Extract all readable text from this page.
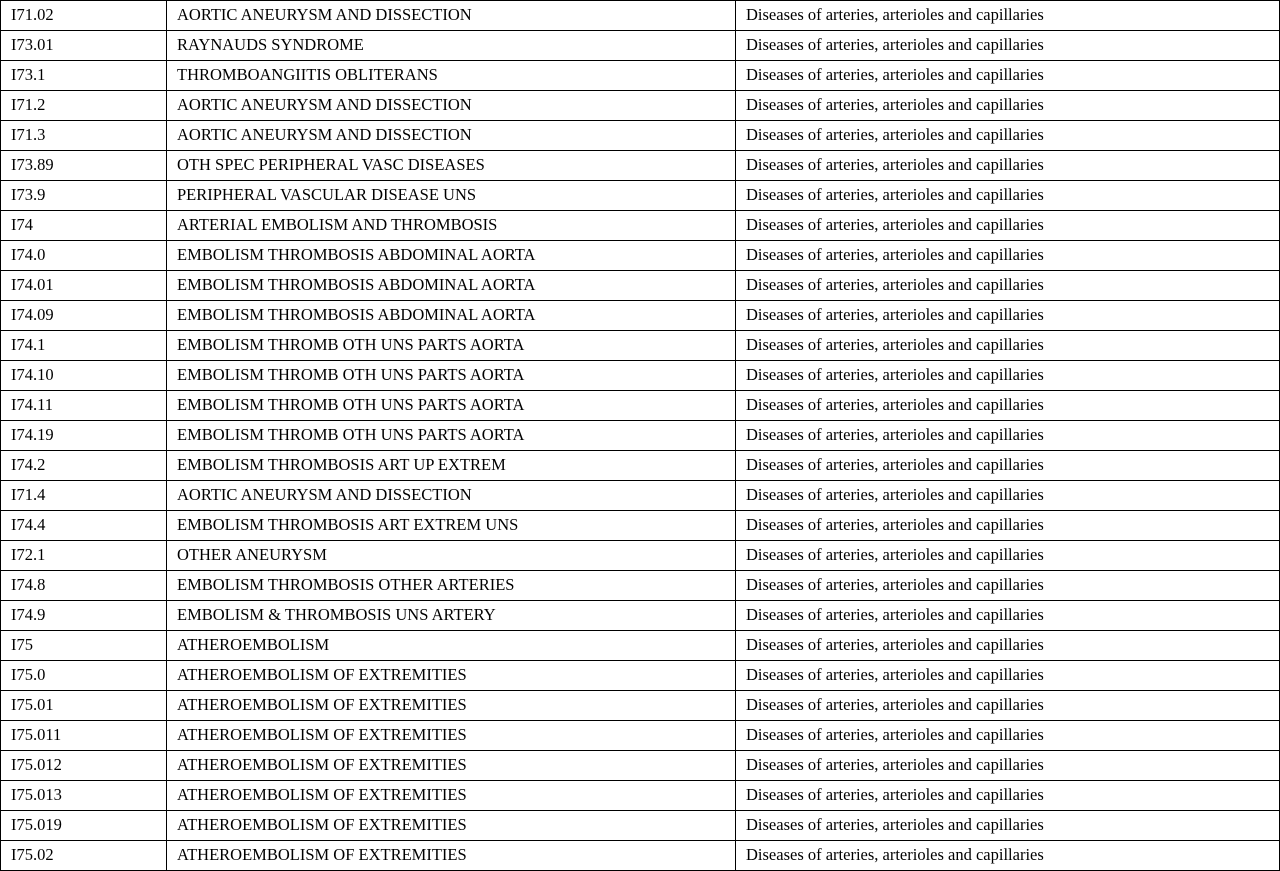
I71.02	AORTIC ANEURYSM AND DISSECTION	Diseases of arteries, arterioles and capillaries
I73.01	RAYNAUDS SYNDROME	Diseases of arteries, arterioles and capillaries
I73.1	THROMBOANGIITIS OBLITERANS	Diseases of arteries, arterioles and capillaries
I71.2	AORTIC ANEURYSM AND DISSECTION	Diseases of arteries, arterioles and capillaries
I71.3	AORTIC ANEURYSM AND DISSECTION	Diseases of arteries, arterioles and capillaries
I73.89	OTH SPEC PERIPHERAL VASC DISEASES	Diseases of arteries, arterioles and capillaries
I73.9	PERIPHERAL VASCULAR DISEASE UNS	Diseases of arteries, arterioles and capillaries
I74	ARTERIAL EMBOLISM AND THROMBOSIS	Diseases of arteries, arterioles and capillaries
I74.0	EMBOLISM THROMBOSIS ABDOMINAL AORTA	Diseases of arteries, arterioles and capillaries
I74.01	EMBOLISM THROMBOSIS ABDOMINAL AORTA	Diseases of arteries, arterioles and capillaries
I74.09	EMBOLISM THROMBOSIS ABDOMINAL AORTA	Diseases of arteries, arterioles and capillaries
I74.1	EMBOLISM THROMB OTH UNS PARTS AORTA	Diseases of arteries, arterioles and capillaries
I74.10	EMBOLISM THROMB OTH UNS PARTS AORTA	Diseases of arteries, arterioles and capillaries
I74.11	EMBOLISM THROMB OTH UNS PARTS AORTA	Diseases of arteries, arterioles and capillaries
I74.19	EMBOLISM THROMB OTH UNS PARTS AORTA	Diseases of arteries, arterioles and capillaries
I74.2	EMBOLISM THROMBOSIS ART UP EXTREM	Diseases of arteries, arterioles and capillaries
I71.4	AORTIC ANEURYSM AND DISSECTION	Diseases of arteries, arterioles and capillaries
I74.4	EMBOLISM THROMBOSIS ART EXTREM UNS	Diseases of arteries, arterioles and capillaries
I72.1	OTHER ANEURYSM	Diseases of arteries, arterioles and capillaries
I74.8	EMBOLISM THROMBOSIS OTHER ARTERIES	Diseases of arteries, arterioles and capillaries
I74.9	EMBOLISM & THROMBOSIS UNS ARTERY	Diseases of arteries, arterioles and capillaries
I75	ATHEROEMBOLISM	Diseases of arteries, arterioles and capillaries
I75.0	ATHEROEMBOLISM OF EXTREMITIES	Diseases of arteries, arterioles and capillaries
I75.01	ATHEROEMBOLISM OF EXTREMITIES	Diseases of arteries, arterioles and capillaries
I75.011	ATHEROEMBOLISM OF EXTREMITIES	Diseases of arteries, arterioles and capillaries
I75.012	ATHEROEMBOLISM OF EXTREMITIES	Diseases of arteries, arterioles and capillaries
I75.013	ATHEROEMBOLISM OF EXTREMITIES	Diseases of arteries, arterioles and capillaries
I75.019	ATHEROEMBOLISM OF EXTREMITIES	Diseases of arteries, arterioles and capillaries
I75.02	ATHEROEMBOLISM OF EXTREMITIES	Diseases of arteries, arterioles and capillaries
